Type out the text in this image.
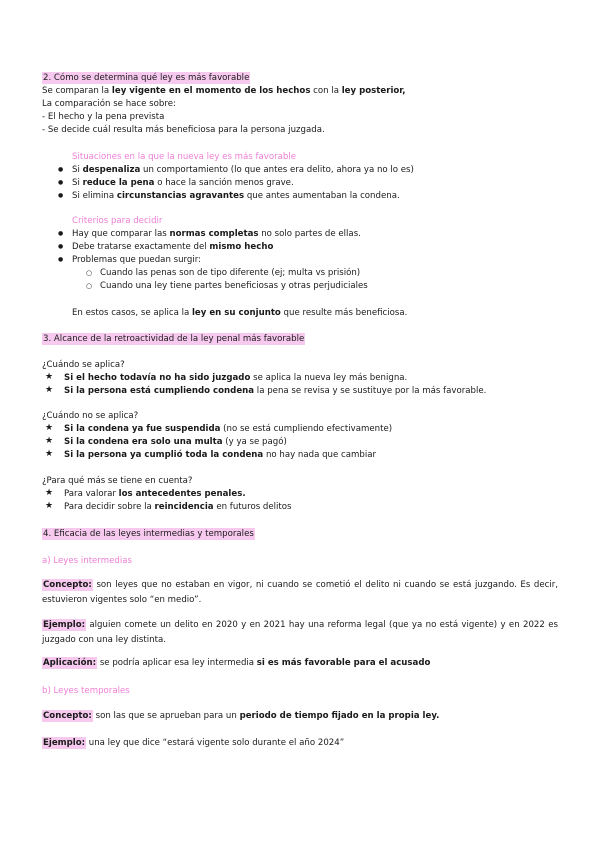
2. Cómo se determina qué ley es más favorable
Se comparan la ley vigente en el momento de los hechos con la ley posterior,
La comparación se hace sobre:
- El hecho y la pena prevista
- Se decide cuál resulta más beneficiosa para la persona juzgada.
Situaciones en la que la nueva ley es más favorable
● Si despenaliza un comportamiento (lo que antes era delito, ahora ya no lo es)
● Si reduce la pena o hace la sanción menos grave.
● Si elimina circunstancias agravantes que antes aumentaban la condena.
Criterios para decidir
● Hay que comparar las normas completas no solo partes de ellas.
● Debe tratarse exactamente del mismo hecho
● Problemas que puedan surgir:
○ Cuando las penas son de tipo diferente (ej; multa vs prisión)
○ Cuando una ley tiene partes beneficiosas y otras perjudiciales
En estos casos, se aplica la ley en su conjunto que resulte más beneficiosa.
3. Alcance de la retroactividad de la ley penal más favorable
¿Cuándo se aplica?
★ Si el hecho todavía no ha sido juzgado se aplica la nueva ley más benigna.
★ Si la persona está cumpliendo condena la pena se revisa y se sustituye por la más favorable.
¿Cuándo no se aplica?
★ Si la condena ya fue suspendida (no se está cumpliendo efectivamente)
★ Si la condena era solo una multa (y ya se pagó)
★ Si la persona ya cumplió toda la condena no hay nada que cambiar
¿Para qué más se tiene en cuenta?
★ Para valorar los antecedentes penales.
★ Para decidir sobre la reincidencia en futuros delitos
4. Eficacia de las leyes intermedias y temporales
a) Leyes intermedias
Concepto: son leyes que no estaban en vigor, ni cuando se cometió el delito ni cuando se está juzgando. Es decir, estuvieron vigentes solo “en medio”.
Ejemplo: alguien comete un delito en 2020 y en 2021 hay una reforma legal (que ya no está vigente) y en 2022 es juzgado con una ley distinta.
Aplicación: se podría aplicar esa ley intermedia si es más favorable para el acusado
b) Leyes temporales
Concepto: son las que se aprueban para un periodo de tiempo fijado en la propia ley.
Ejemplo: una ley que dice “estará vigente solo durante el año 2024”
